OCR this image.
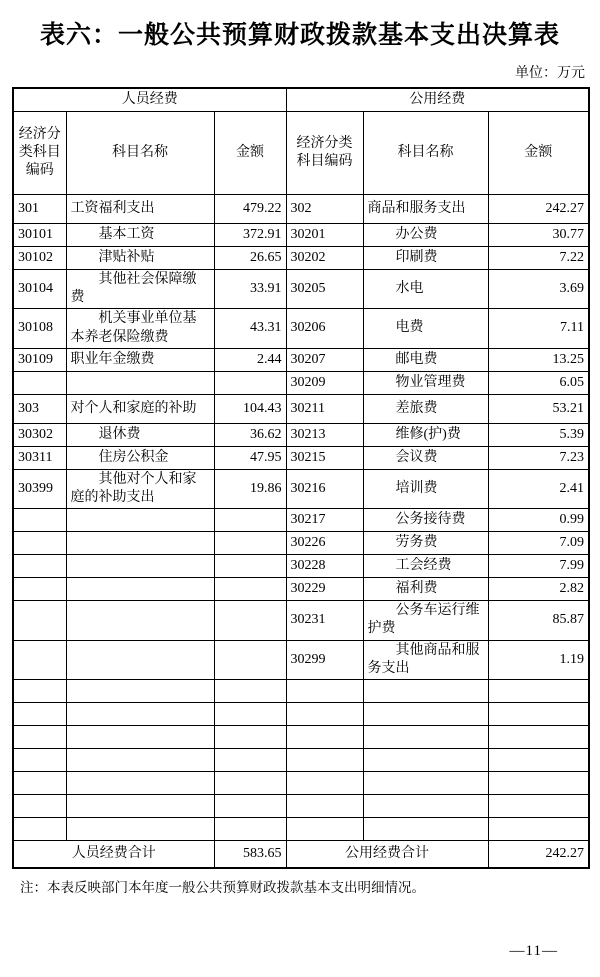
表六：一般公共预算财政拨款基本支出决算表
单位：万元
人员经费			公用经费		
经济分类科目编码	科目名称	金额	经济分类科目编码	科目名称	金额
301	工资福利支出	479.22	302	商品和服务支出	242.27
30101	基本工资	372.91	30201	办公费	30.77
30102	津贴补贴	26.65	30202	印刷费	7.22
30104	其他社会保障缴费	33.91	30205	水电	3.69
30108	机关事业单位基本养老保险缴费	43.31	30206	电费	7.11
30109	职业年金缴费	2.44	30207	邮电费	13.25
			30209	物业管理费	6.05
303	对个人和家庭的补助	104.43	30211	差旅费	53.21
30302	退休费	36.62	30213	维修(护)费	5.39
30311	住房公积金	47.95	30215	会议费	7.23
30399	其他对个人和家庭的补助支出	19.86	30216	培训费	2.41
			30217	公务接待费	0.99
			30226	劳务费	7.09
			30228	工会经费	7.99
			30229	福利费	2.82
			30231	公务车运行维护费	85.87
			30299	其他商品和服务支出	1.19

人员经费合计		583.65	公用经费合计		242.27
注：本表反映部门本年度一般公共预算财政拨款基本支出明细情况。
—11—
